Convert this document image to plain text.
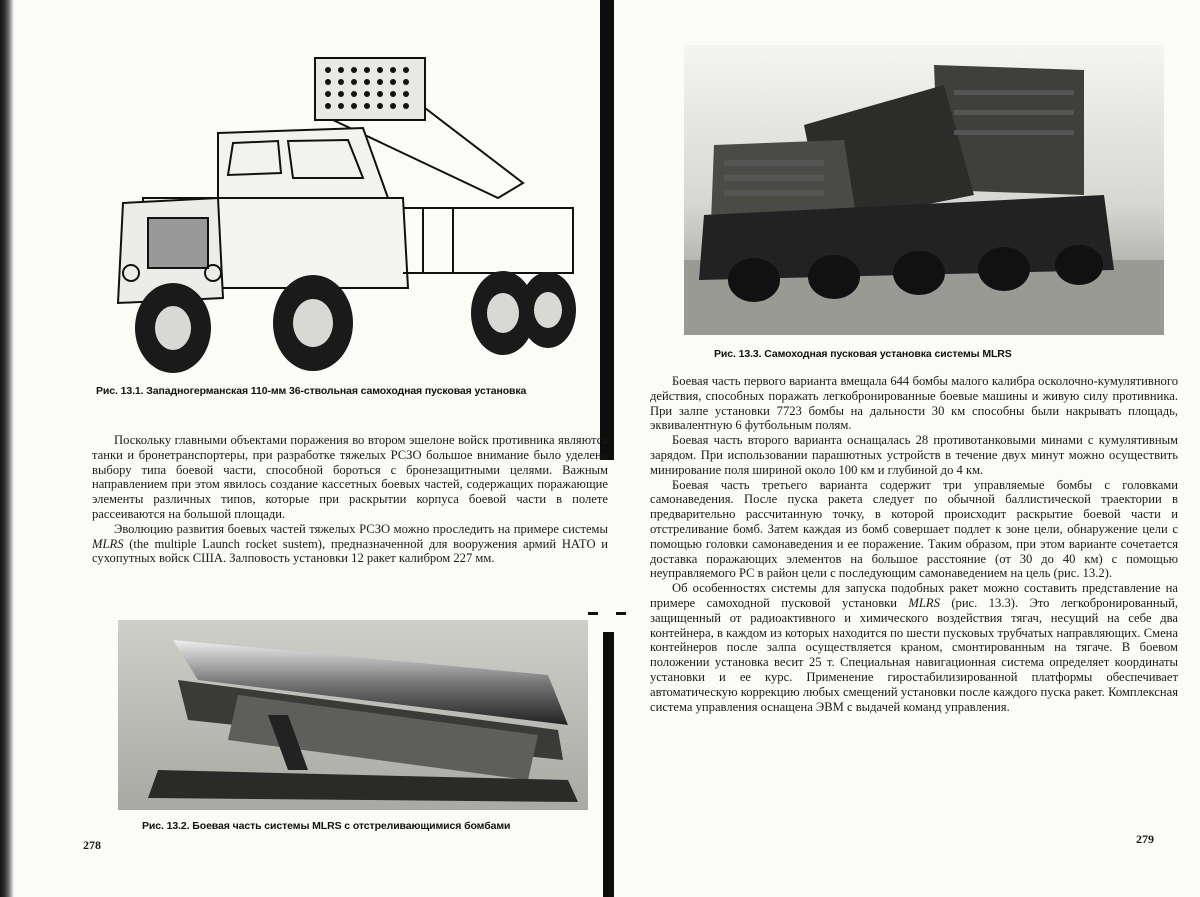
Рис. 13.1. Западногерманская 110-мм 36-ствольная самоходная пусковая установка

Поскольку главными объектами поражения во втором эшелоне войск противника являются танки и бронетранспортеры, при разработке тяжелых РСЗО большое внимание было уделено выбору типа боевой части, способной бороться с бронезащитными целями. Важным направлением при этом явилось создание кассетных боевых частей, содержащих поражающие элементы различных типов, которые при раскрытии корпуса боевой части в полете рассеиваются на большой площади.

Эволюцию развития боевых частей тяжелых РСЗО можно проследить на примере системы MLRS (the multiple Launch rocket sustem), предназначенной для вооружения армий НАТО и сухопутных войск США. Залповость установки 12 ракет калибром 227 мм.

Рис. 13.2. Боевая часть системы MLRS с отстреливающимися бомбами
278
Рис. 13.3. Самоходная пусковая установка системы MLRS

Боевая часть первого варианта вмещала 644 бомбы малого калибра осколочно-кумулятивного действия, способных поражать легкобронированные боевые машины и живую силу противника. При залпе установки 7723 бомбы на дальности 30 км способны были накрывать площадь, эквивалентную 6 футбольным полям.

Боевая часть второго варианта оснащалась 28 противотанковыми минами с кумулятивным зарядом. При использовании парашютных устройств в течение двух минут можно осуществить минирование поля шириной около 100 км и глубиной до 4 км.

Боевая часть третьего варианта содержит три управляемые бомбы с головками самонаведения. После пуска ракета следует по обычной баллистической траектории в предварительно рассчитанную точку, в которой происходит раскрытие боевой части и отстреливание бомб. Затем каждая из бомб совершает подлет к зоне цели, обнаружение цели с помощью головки самонаведения и ее поражение. Таким образом, при этом варианте сочетается доставка поражающих элементов на большое расстояние (от 30 до 40 км) с помощью неуправляемого РС в район цели с последующим самонаведением на цель (рис. 13.2).

Об особенностях системы для запуска подобных ракет можно составить представление на примере самоходной пусковой установки MLRS (рис. 13.3). Это легкобронированный, защищенный от радиоактивного и химического воздействия тягач, несущий на себе два контейнера, в каждом из которых находится по шести пусковых трубчатых направляющих. Смена контейнеров после залпа осуществляется краном, смонтированным на тягаче. В боевом положении установка весит 25 т. Специальная навигационная система определяет координаты установки и ее курс. Применение гиростабилизированной платформы обеспечивает автоматическую коррекцию любых смещений установки после каждого пуска ракет. Комплексная система управления оснащена ЭВМ с выдачей команд управления.

279
